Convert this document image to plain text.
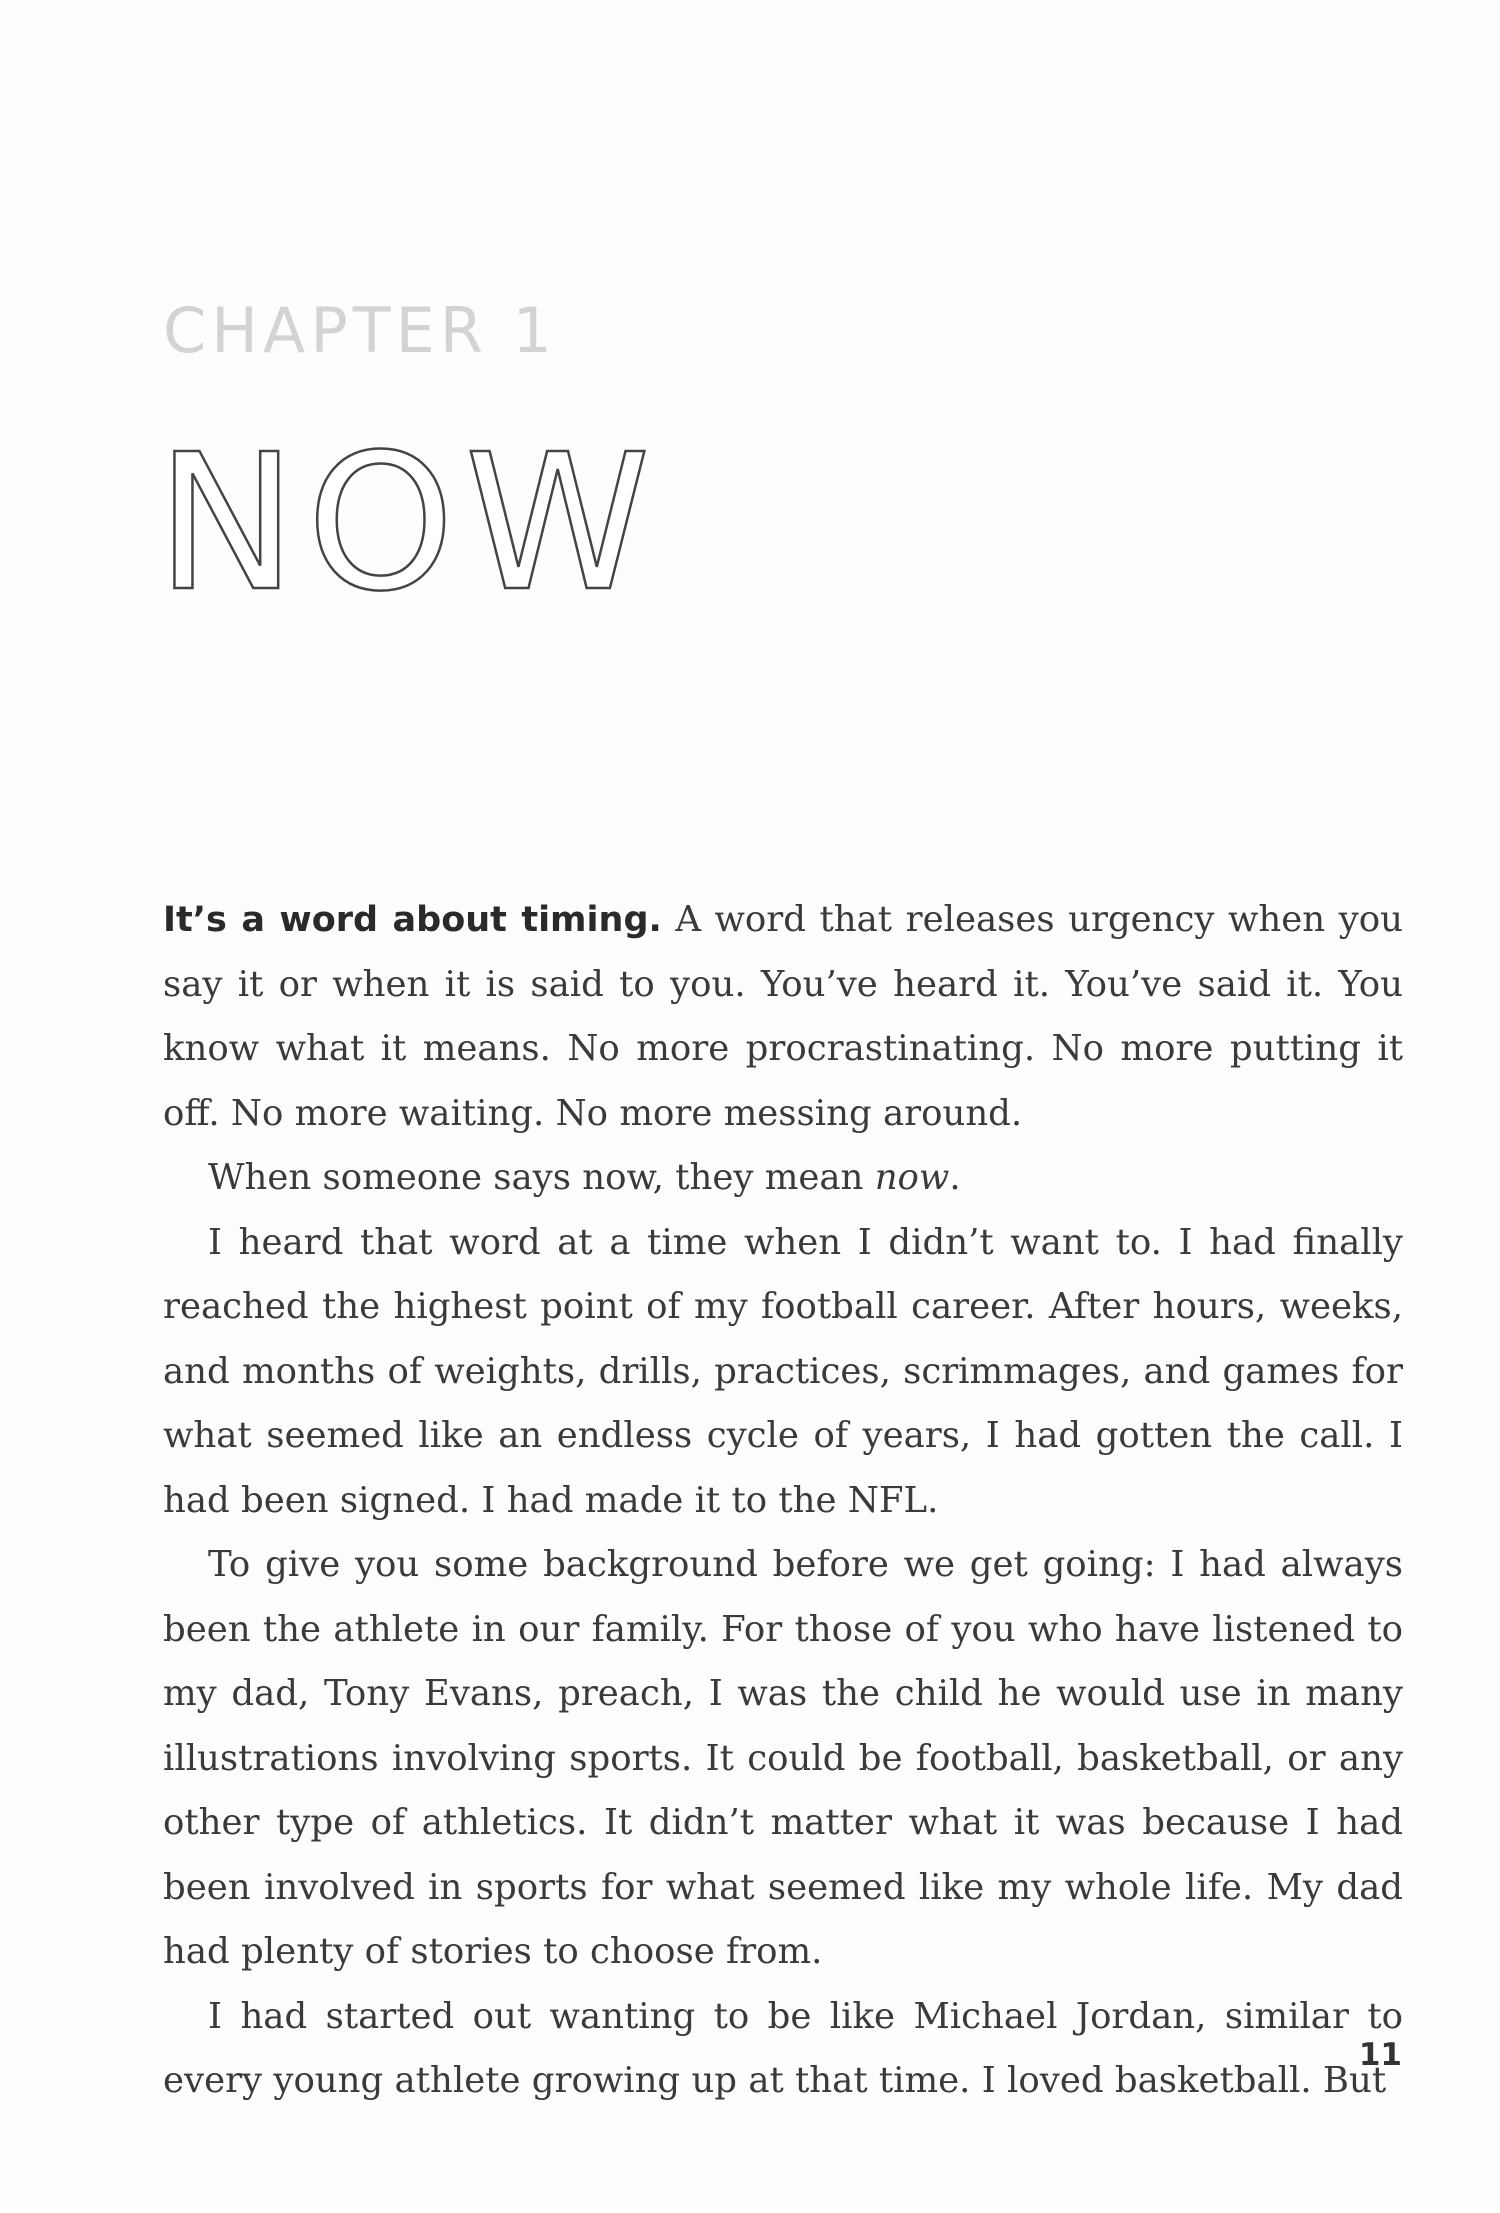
CHAPTER 1
NOW

It’s a word about timing. A word that releases urgency when you say it or when it is said to you. You’ve heard it. You’ve said it. You know what it means. No more procrastinating. No more putting it off. No more waiting. No more messing around.

When someone says now, they mean now.

I heard that word at a time when I didn’t want to. I had finally reached the highest point of my football career. After hours, weeks, and months of weights, drills, practices, scrimmages, and games for what seemed like an endless cycle of years, I had gotten the call. I had been signed. I had made it to the NFL.

To give you some background before we get going: I had always been the athlete in our family. For those of you who have listened to my dad, Tony Evans, preach, I was the child he would use in many illustrations involving sports. It could be football, basketball, or any other type of athletics. It didn’t matter what it was because I had been involved in sports for what seemed like my whole life. My dad had plenty of stories to choose from.

I had started out wanting to be like Michael Jordan, similar to every young athlete growing up at that time. I loved basketball. But

11
